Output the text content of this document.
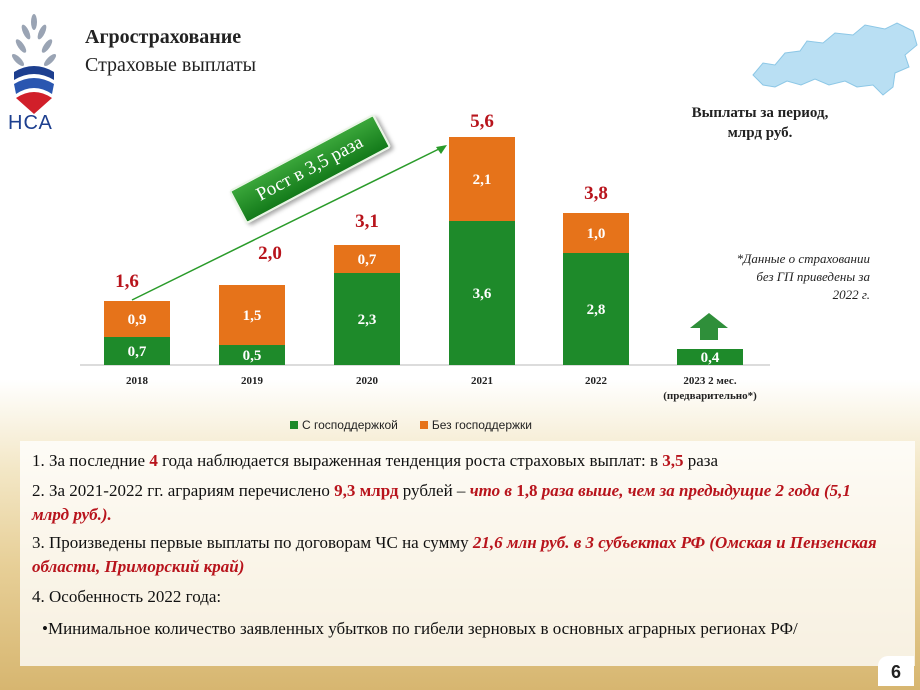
НСА
Агрострахование
Страховые выплаты
Выплаты за период, млрд руб.
*Данные о страховании без ГП приведены за 2022 г.
0,7
0,9
1,6
2018
0,5
1,5
2,0
2019
2,3
0,7
3,1
2020
3,6
2,1
5,6
2021
2,8
1,0
3,8
2022
0,4
2023 2 мес.
(предварительно*)
Рост в 3,5 раза
С господдержкой	Без господдержки
1. За последние 4 года наблюдается выраженная тенденция роста страховых выплат: в 3,5 раза
2. За 2021-2022 гг. аграриям перечислено 9,3 млрд рублей – что в 1,8 раза выше, чем за предыдущие 2 года (5,1 млрд руб.).
3. Произведены первые выплаты по договорам ЧС на сумму 21,6 млн руб. в 3 субъектах РФ (Омская и Пензенская области, Приморский край)
4. Особенность 2022 года:
•Минимальное количество заявленных убытков по гибели зерновых в основных аграрных регионах РФ/
6
